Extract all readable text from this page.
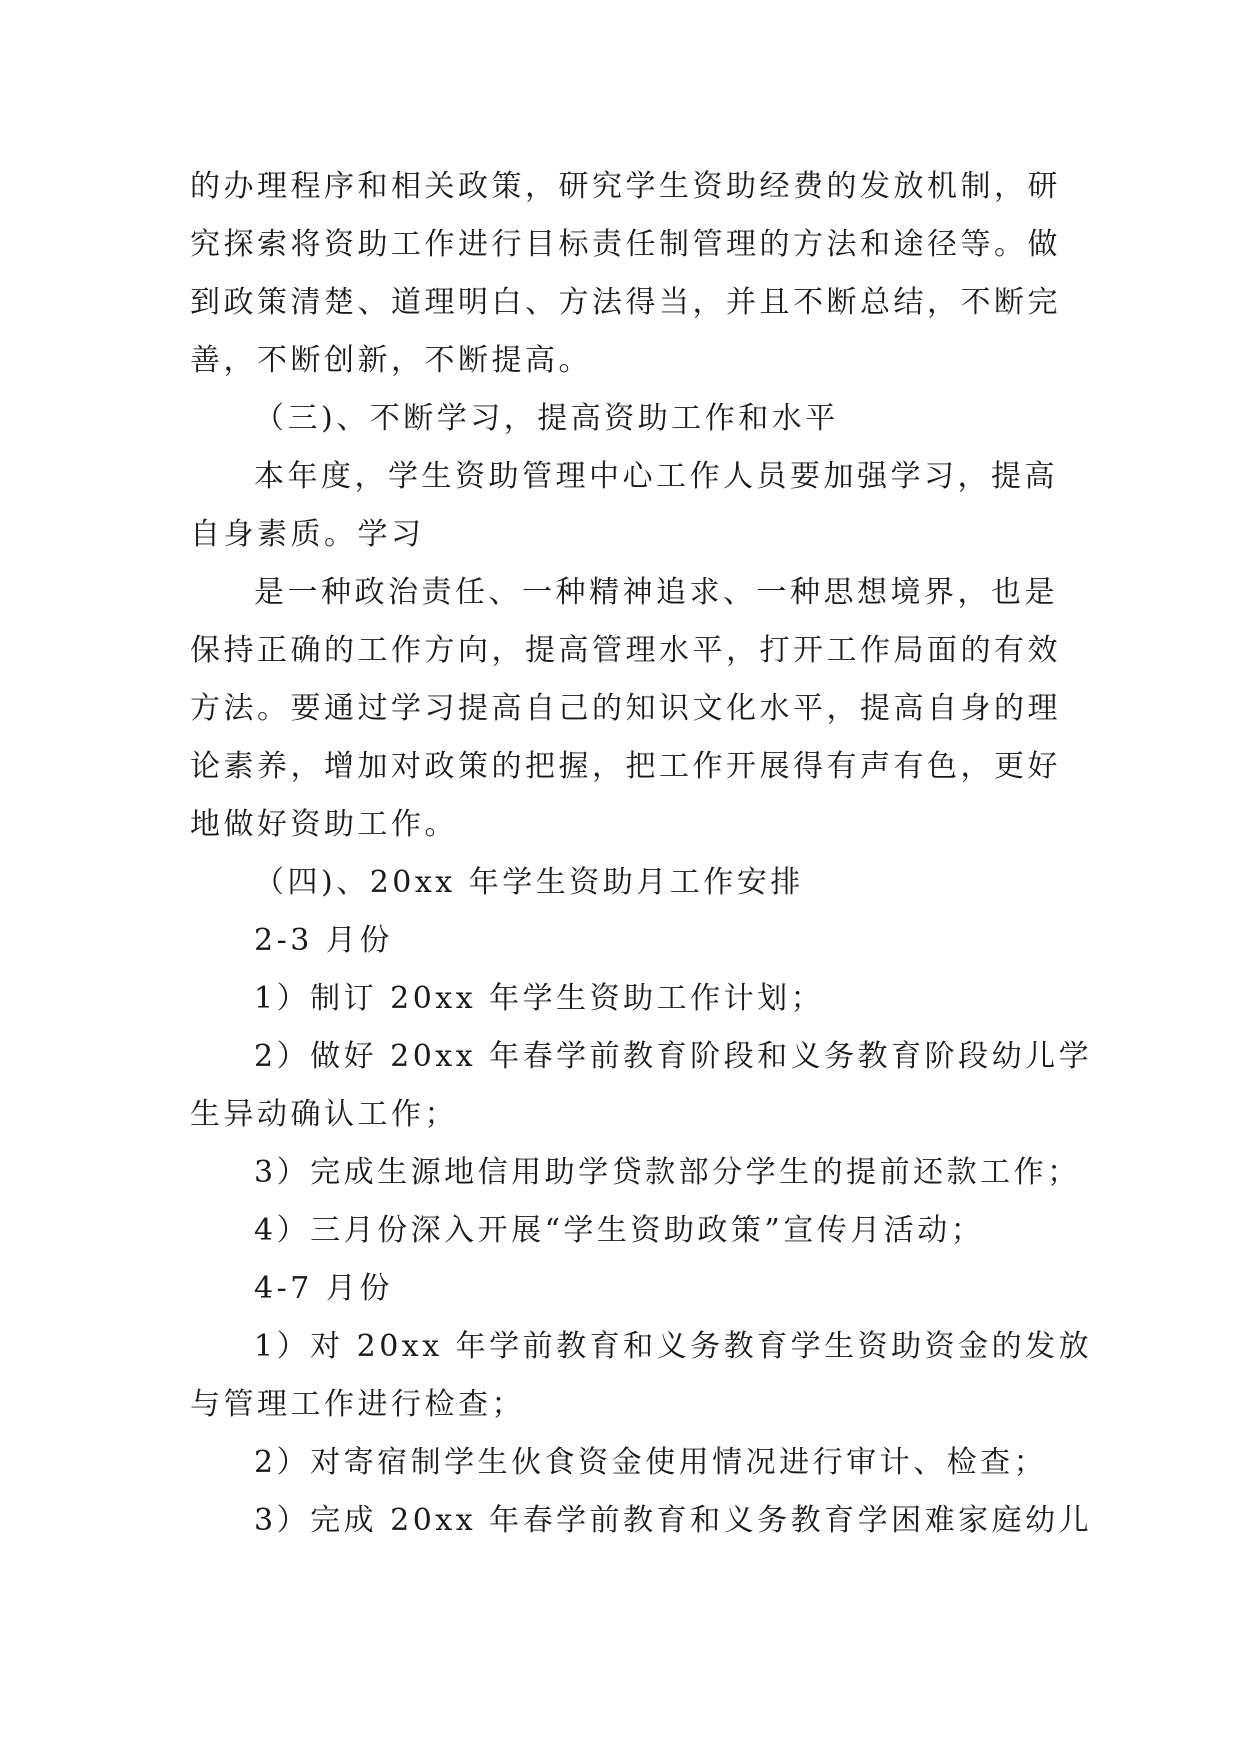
的办理程序和相关政策，研究学生资助经费的发放机制，研

究探索将资助工作进行目标责任制管理的方法和途径等。做

到政策清楚、道理明白、方法得当，并且不断总结，不断完

善，不断创新，不断提高。

（三)、不断学习，提高资助工作和水平

本年度，学生资助管理中心工作人员要加强学习，提高

自身素质。学习

是一种政治责任、一种精神追求、一种思想境界，也是

保持正确的工作方向，提高管理水平，打开工作局面的有效

方法。要通过学习提高自己的知识文化水平，提高自身的理

论素养，增加对政策的把握，把工作开展得有声有色，更好

地做好资助工作。

（四)、20xx 年学生资助月工作安排

2-3 月份

1）制订 20xx 年学生资助工作计划；

2）做好 20xx 年春学前教育阶段和义务教育阶段幼儿学

生异动确认工作；

3）完成生源地信用助学贷款部分学生的提前还款工作；

4）三月份深入开展“学生资助政策”宣传月活动；

4-7 月份

1）对 20xx 年学前教育和义务教育学生资助资金的发放

与管理工作进行检查；

2）对寄宿制学生伙食资金使用情况进行审计、检查；

3）完成 20xx 年春学前教育和义务教育学困难家庭幼儿
